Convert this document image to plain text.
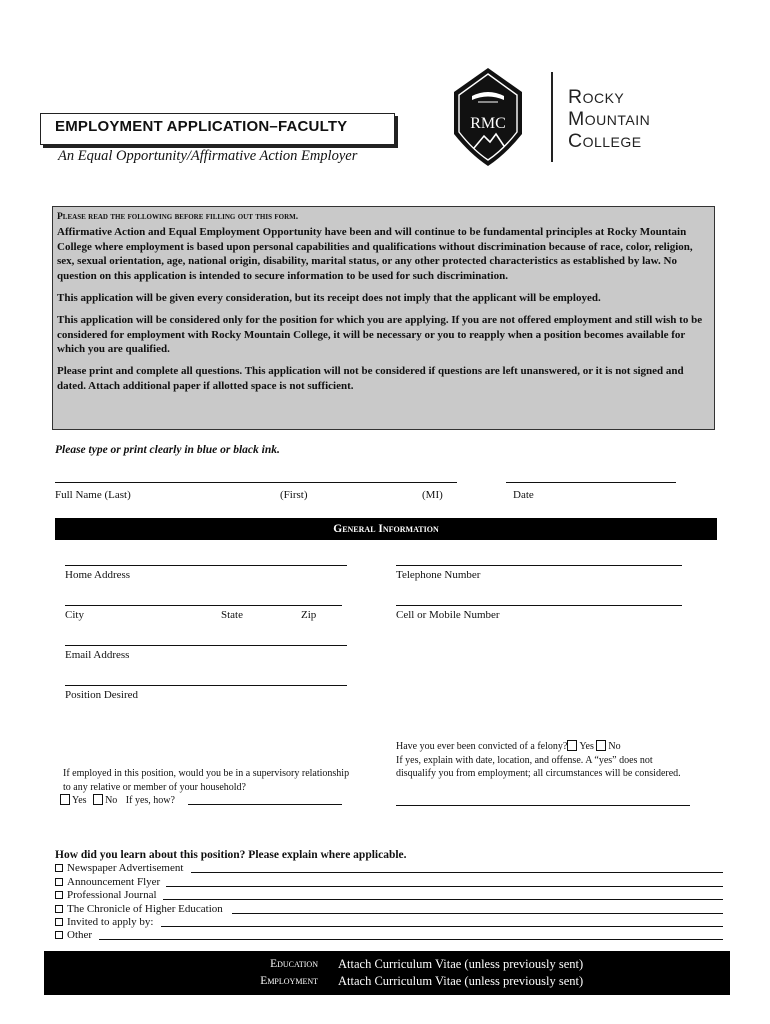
EMPLOYMENT APPLICATION–FACULTY
An Equal Opportunity/Affirmative Action Employer
RMC
Rocky
Mountain
College
Please read the following before filling out this form.

Affirmative Action and Equal Employment Opportunity have been and will continue to be fundamental principles at Rocky Mountain College where employment is based upon personal capabilities and qualifications without discrimination because of race, color, religion, sex, sexual orientation, age, national origin, disability, marital status, or any other protected characteristics as established by law. No question on this application is intended to secure information to be used for such discrimination.

This application will be given every consideration, but its receipt does not imply that the applicant will be employed.

This application will be considered only for the position for which you are applying. If you are not offered employment and still wish to be considered for employment with Rocky Mountain College, it will be necessary or you to reapply when a position becomes available for which you are qualified.

Please print and complete all questions. This application will not be considered if questions are left unanswered, or it is not signed and dated. Attach additional paper if allotted space is not sufficient.

Please type or print clearly in blue or black ink.
Full Name (Last)	(First)	(MI)	Date
General Information
Home Address	Telephone Number
City	State	Zip	Cell or Mobile Number
Email Address
Position Desired
Have you ever been convicted of a felony? Yes No
If yes, explain with date, location, and offense. A “yes” does not
disqualify you from employment; all circumstances will be considered.
If employed in this position, would you be in a supervisory relationship
to any relative or member of your household?
Yes No If yes, how?
How did you learn about this position? Please explain where applicable.
Newspaper Advertisement
Announcement Flyer
Professional Journal
The Chronicle of Higher Education
Invited to apply by:
Other
Education Attach Curriculum Vitae (unless previously sent)
Employment Attach Curriculum Vitae (unless previously sent)
